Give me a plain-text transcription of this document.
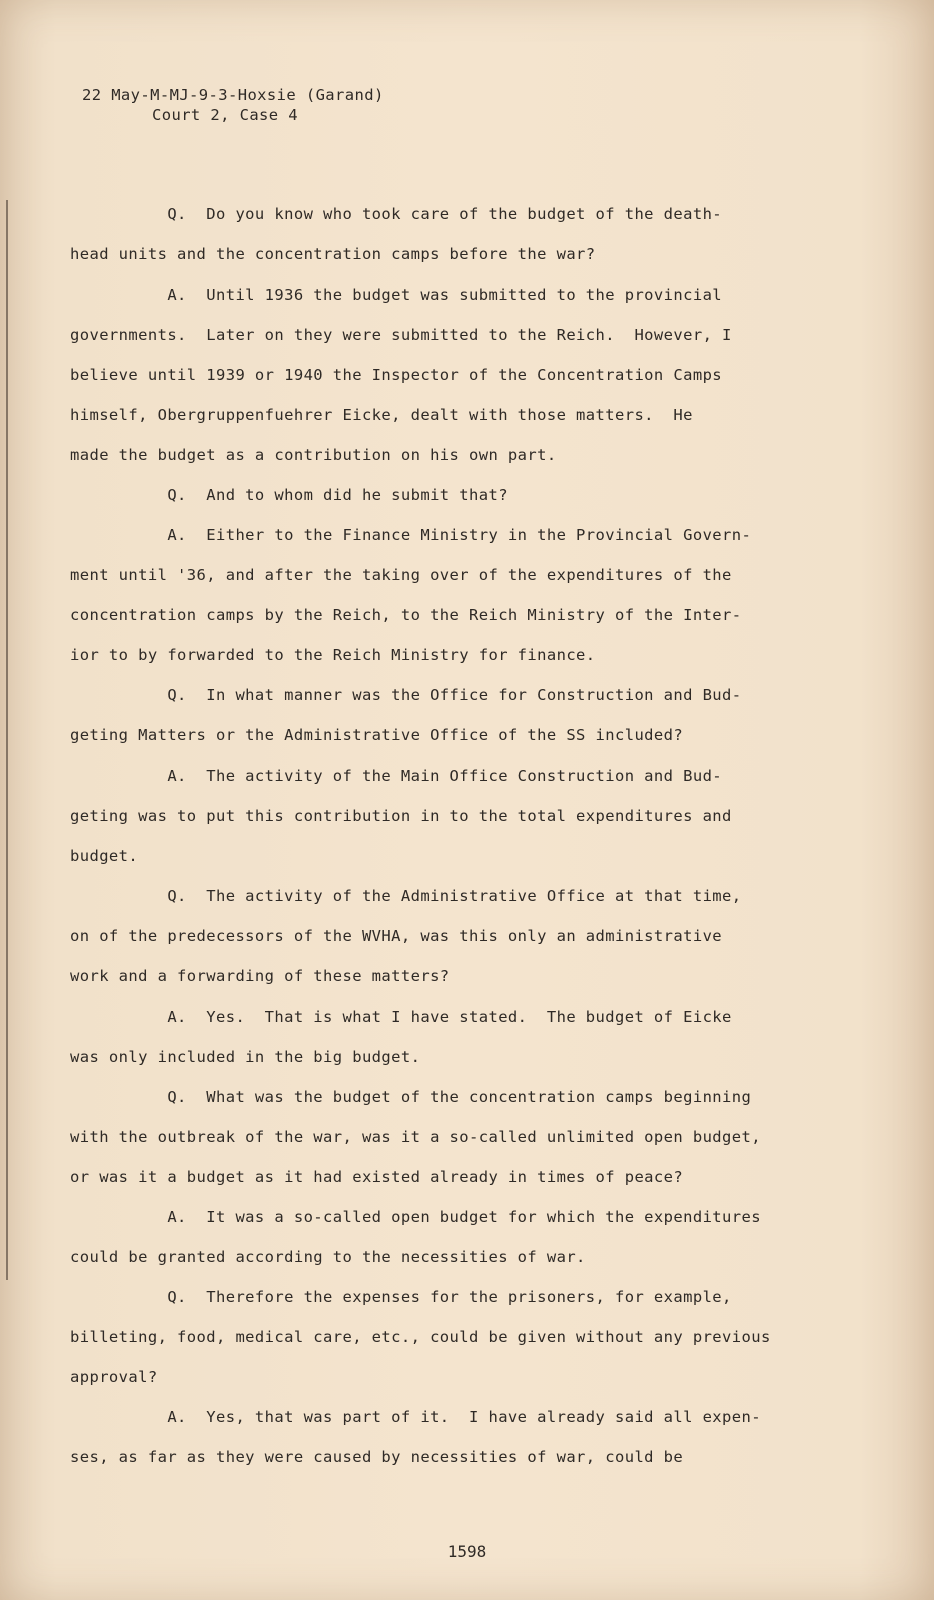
22 May-M-MJ-9-3-Hoxsie (Garand)
Court 2, Case 4
Q.  Do you know who took care of the budget of the death-
head units and the concentration camps before the war?
A.  Until 1936 the budget was submitted to the provincial
governments.  Later on they were submitted to the Reich.  However, I
believe until 1939 or 1940 the Inspector of the Concentration Camps
himself, Obergruppenfuehrer Eicke, dealt with those matters.  He
made the budget as a contribution on his own part.
Q.  And to whom did he submit that?
A.  Either to the Finance Ministry in the Provincial Govern-
ment until '36, and after the taking over of the expenditures of the
concentration camps by the Reich, to the Reich Ministry of the Inter-
ior to by forwarded to the Reich Ministry for finance.
Q.  In what manner was the Office for Construction and Bud-
geting Matters or the Administrative Office of the SS included?
A.  The activity of the Main Office Construction and Bud-
geting was to put this contribution in to the total expenditures and
budget.
Q.  The activity of the Administrative Office at that time,
on of the predecessors of the WVHA, was this only an administrative
work and a forwarding of these matters?
A.  Yes.  That is what I have stated.  The budget of Eicke
was only included in the big budget.
Q.  What was the budget of the concentration camps beginning
with the outbreak of the war, was it a so-called unlimited open budget,
or was it a budget as it had existed already in times of peace?
A.  It was a so-called open budget for which the expenditures
could be granted according to the necessities of war.
Q.  Therefore the expenses for the prisoners, for example,
billeting, food, medical care, etc., could be given without any previous
approval?
A.  Yes, that was part of it.  I have already said all expen-
ses, as far as they were caused by necessities of war, could be
1598
